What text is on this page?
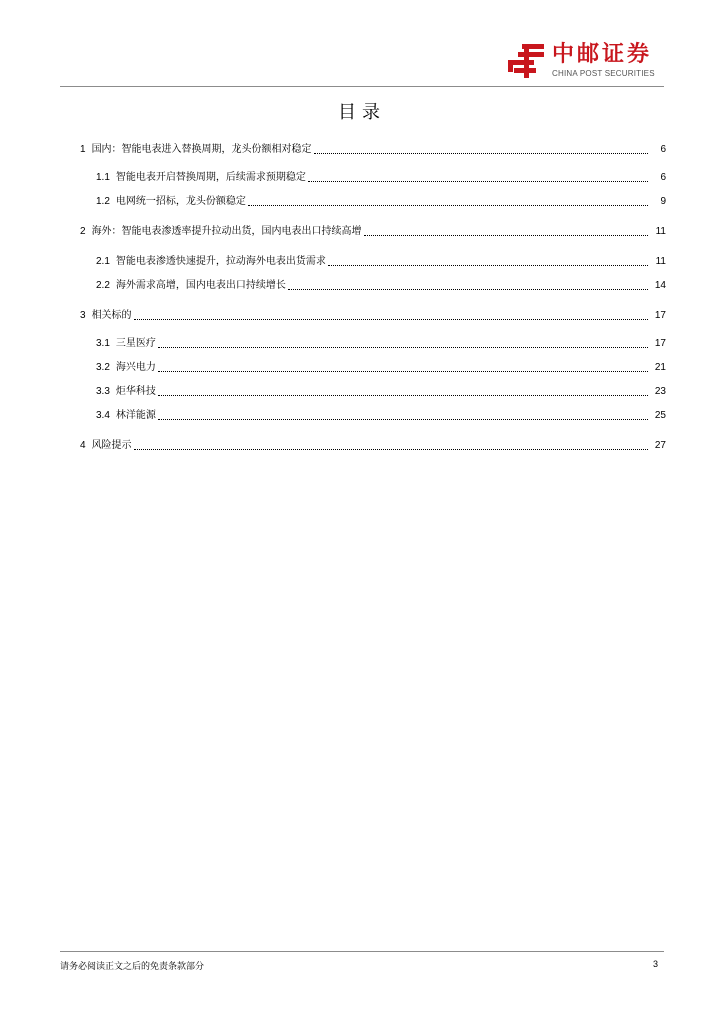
中邮证券
CHINA POST SECURITIES
目录
1 国内：智能电表进入替换周期，龙头份额相对稳定	6
1.1 智能电表开启替换周期，后续需求预期稳定	6
1.2 电网统一招标，龙头份额稳定	9
2 海外：智能电表渗透率提升拉动出货，国内电表出口持续高增	11
2.1 智能电表渗透快速提升，拉动海外电表出货需求	11
2.2 海外需求高增，国内电表出口持续增长	14
3 相关标的	17
3.1 三星医疗	17
3.2 海兴电力	21
3.3 炬华科技	23
3.4 林洋能源	25
4 风险提示	27
请务必阅读正文之后的免责条款部分	3
